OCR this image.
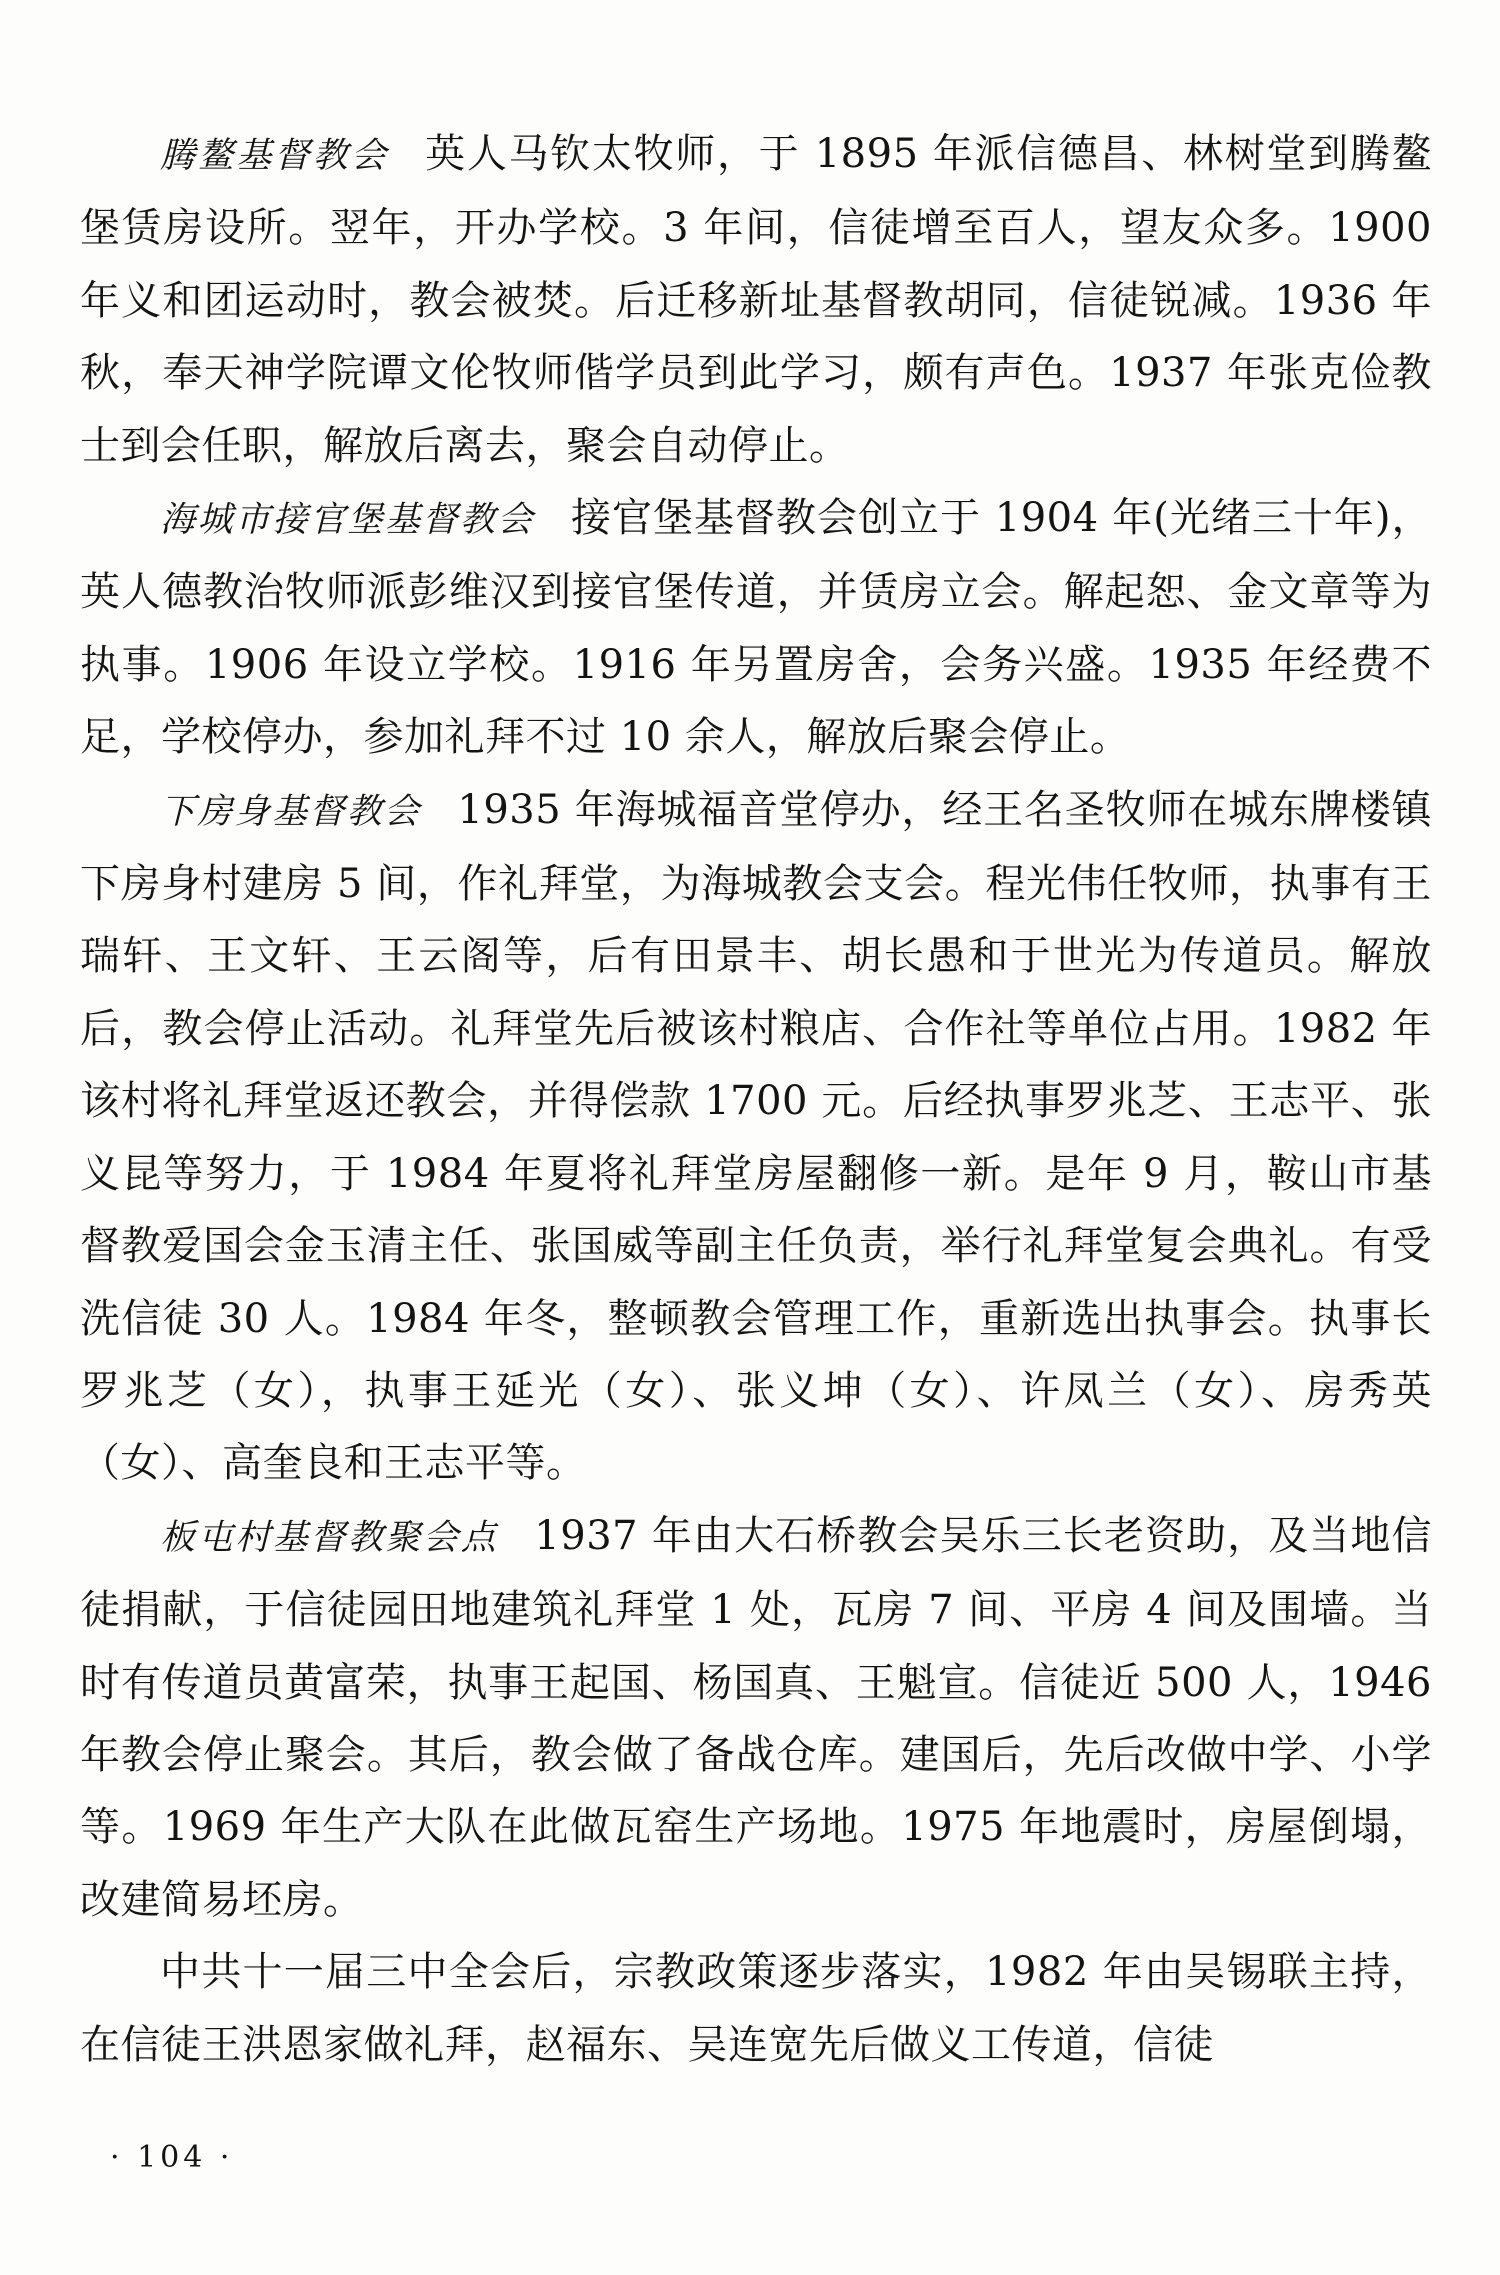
腾鳌基督教会 英人马钦太牧师，于 1895 年派信德昌、林树堂到腾鳌堡赁房设所。翌年，开办学校。3 年间，信徒增至百人，望友众多。1900 年义和团运动时，教会被焚。后迁移新址基督教胡同，信徒锐减。1936 年秋，奉天神学院谭文伦牧师偕学员到此学习，颇有声色。1937 年张克俭教士到会任职，解放后离去，聚会自动停止。

海城市接官堡基督教会 接官堡基督教会创立于 1904 年(光绪三十年)，英人德教治牧师派彭维汉到接官堡传道，并赁房立会。解起恕、金文章等为执事。1906 年设立学校。1916 年另置房舍，会务兴盛。1935 年经费不足，学校停办，参加礼拜不过 10 余人，解放后聚会停止。

下房身基督教会 1935 年海城福音堂停办，经王名圣牧师在城东牌楼镇下房身村建房 5 间，作礼拜堂，为海城教会支会。程光伟任牧师，执事有王瑞轩、王文轩、王云阁等，后有田景丰、胡长愚和于世光为传道员。解放后，教会停止活动。礼拜堂先后被该村粮店、合作社等单位占用。1982 年该村将礼拜堂返还教会，并得偿款 1700 元。后经执事罗兆芝、王志平、张义昆等努力，于 1984 年夏将礼拜堂房屋翻修一新。是年 9 月，鞍山市基督教爱国会金玉清主任、张国威等副主任负责，举行礼拜堂复会典礼。有受洗信徒 30 人。1984 年冬，整顿教会管理工作，重新选出执事会。执事长罗兆芝（女），执事王延光（女）、张义坤（女）、许凤兰（女）、房秀英（女）、高奎良和王志平等。

板屯村基督教聚会点 1937 年由大石桥教会吴乐三长老资助，及当地信徒捐献，于信徒园田地建筑礼拜堂 1 处，瓦房 7 间、平房 4 间及围墙。当时有传道员黄富荣，执事王起国、杨国真、王魁宣。信徒近 500 人，1946 年教会停止聚会。其后，教会做了备战仓库。建国后，先后改做中学、小学等。1969 年生产大队在此做瓦窑生产场地。1975 年地震时，房屋倒塌，改建简易坯房。

中共十一届三中全会后，宗教政策逐步落实，1982 年由吴锡联主持，在信徒王洪恩家做礼拜，赵福东、吴连宽先后做义工传道，信徒

· 104 ·
